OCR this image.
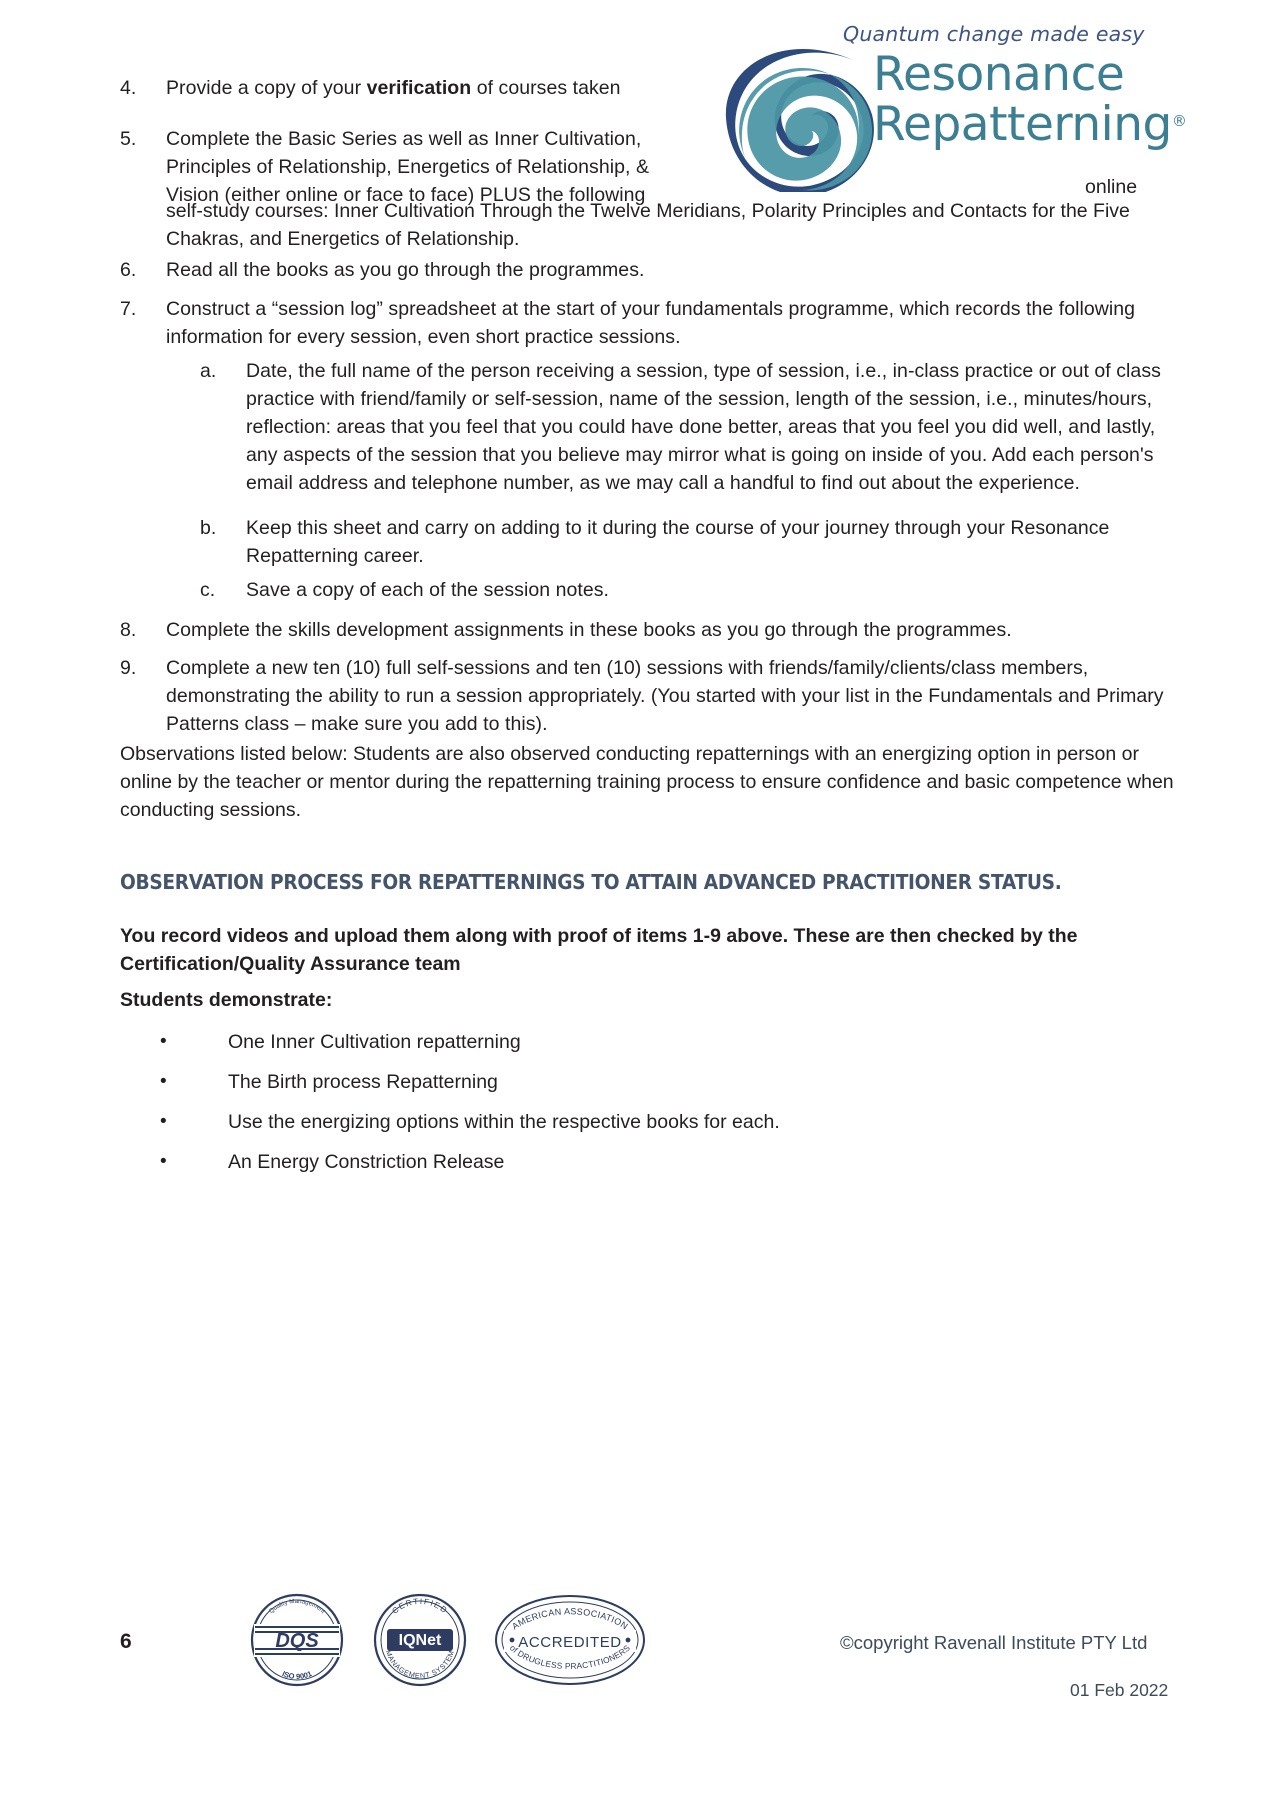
Quantum change made easy
Resonance
Repatterning®
4.	Provide a copy of your verification of courses taken
5.	Complete the Basic Series as well as Inner Cultivation, Principles of Relationship, Energetics of Relationship, & Vision (either online or face to face) PLUS the following	online
self-study courses: Inner Cultivation Through the Twelve Meridians, Polarity Principles and Contacts for the Five Chakras, and Energetics of Relationship.
6.	Read all the books as you go through the programmes.
7.	Construct a “session log” spreadsheet at the start of your fundamentals programme, which records the following information for every session, even short practice sessions.
a.	Date, the full name of the person receiving a session, type of session, i.e., in-class practice or out of class practice with friend/family or self-session, name of the session, length of the session, i.e., minutes/hours, reflection: areas that you feel that you could have done better, areas that you feel you did well, and lastly, any aspects of the session that you believe may mirror what is going on inside of you. Add each person's email address and telephone number, as we may call a handful to find out about the experience.
b.	Keep this sheet and carry on adding to it during the course of your journey through your Resonance Repatterning career.
c.	Save a copy of each of the session notes.
8.	Complete the skills development assignments in these books as you go through the programmes.
9.	Complete a new ten (10) full self-sessions and ten (10) sessions with friends/family/clients/class members, demonstrating the ability to run a session appropriately. (You started with your list in the Fundamentals and Primary Patterns class – make sure you add to this).
Observations listed below: Students are also observed conducting repatternings with an energizing option in person or online by the teacher or mentor during the repatterning training process to ensure confidence and basic competence when conducting sessions.
OBSERVATION PROCESS FOR REPATTERNINGS TO ATTAIN ADVANCED PRACTITIONER STATUS.
You record videos and upload them along with proof of items 1-9 above. These are then checked by the Certification/Quality Assurance team
Students demonstrate:
•	One Inner Cultivation repatterning
•	The Birth process Repatterning
•	Use the energizing options within the respective books for each.
•	An Energy Constriction Release
6	DQS
Quality Management
ISO 9001
IQNet
CERTIFIED
MANAGEMENT SYSTEM
ACCREDITED
AMERICAN ASSOCIATION
of DRUGLESS PRACTITIONERS	©copyright Ravenall Institute PTY Ltd
01 Feb 2022
